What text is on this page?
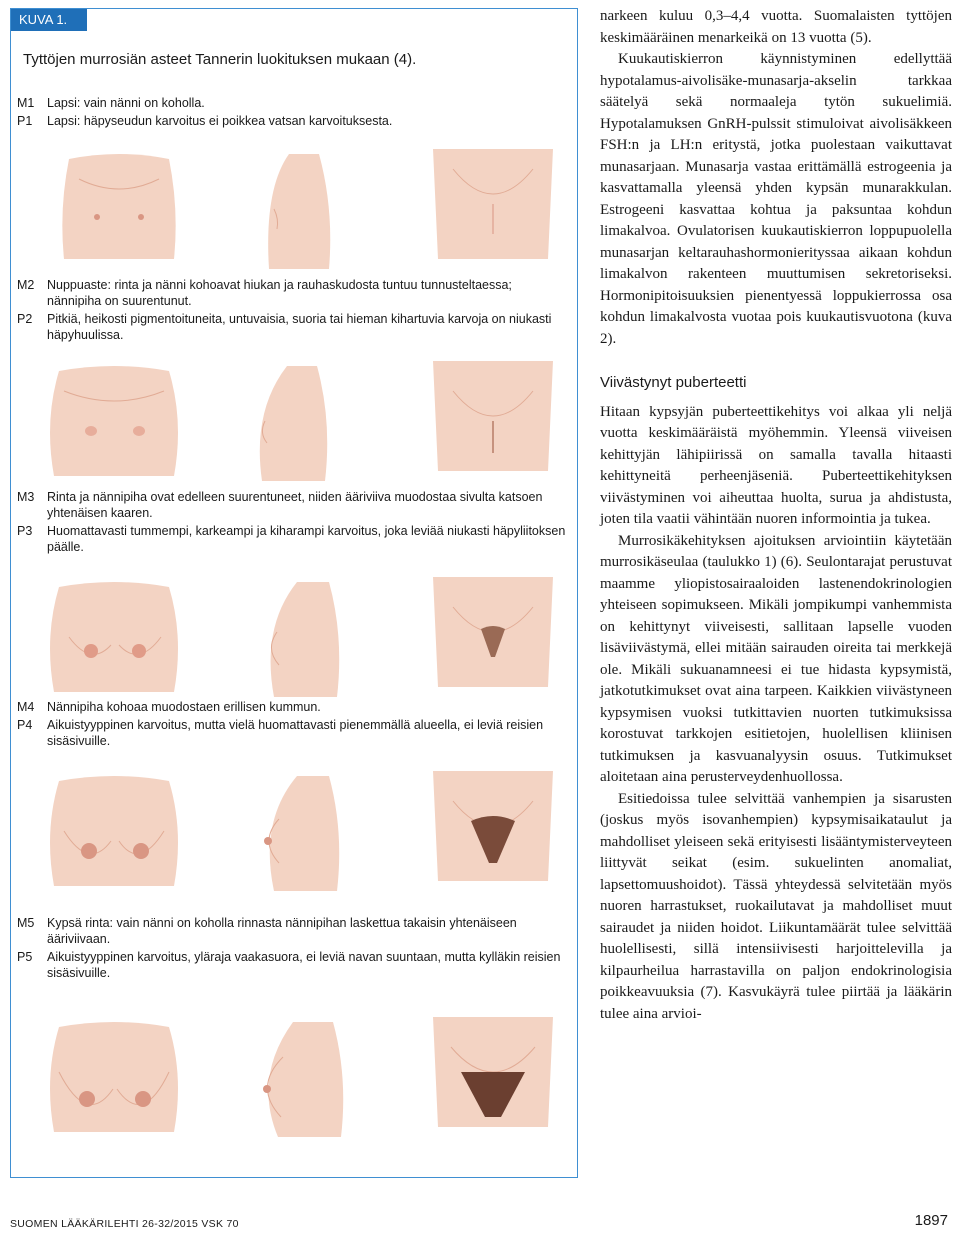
KUVA 1.
Tyttöjen murrosiän asteet Tannerin luokituksen mukaan (4).
M1	Lapsi: vain nänni on koholla.
P1	Lapsi: häpyseudun karvoitus ei poikkea vatsan karvoituksesta.
M2	Nuppuaste: rinta ja nänni kohoavat hiukan ja rauhaskudosta tuntuu tunnusteltaessa; nännipiha on suurentunut.
P2	Pitkiä, heikosti pigmentoituneita, untuvaisia, suoria tai hieman kihartuvia karvoja on niukasti häpyhuulissa.
M3	Rinta ja nännipiha ovat edelleen suurentuneet, niiden ääriviiva muodostaa sivulta katsoen yhtenäisen kaaren.
P3	Huomattavasti tummempi, karkeampi ja kiharampi karvoitus, joka leviää niukasti häpyliitoksen päälle.
M4	Nännipiha kohoaa muodostaen erillisen kummun.
P4	Aikuistyyppinen karvoitus, mutta vielä huomattavasti pienemmällä alueella, ei leviä reisien sisäsivuille.
M5	Kypsä rinta: vain nänni on koholla rinnasta nännipihan laskettua takaisin yhtenäiseen ääriviivaan.
P5	Aikuistyyppinen karvoitus, yläraja vaakasuora, ei leviä navan suuntaan, mutta kylläkin reisien sisäsivuille.

narkeen kuluu 0,3–4,4 vuotta. Suomalaisten tyttöjen keskimääräinen menarkeikä on 13 vuotta (5).

Kuukautiskierron käynnistyminen edellyttää hypotalamus-aivolisäke-munasarja-akselin tarkkaa säätelyä sekä normaaleja tytön sukuelimiä. Hypotalamuksen GnRH-pulssit stimuloivat aivolisäkkeen FSH:n ja LH:n eritystä, jotka puolestaan vaikuttavat munasarjaan. Munasarja vastaa erittämällä estrogeenia ja kasvattamalla yleensä yhden kypsän munarakkulan. Estrogeeni kasvattaa kohtua ja paksuntaa kohdun limakalvoa. Ovulatorisen kuukautiskierron loppupuolella munasarjan keltarauhashormonierityssaa aikaan kohdun limakalvon rakenteen muuttumisen sekretoriseksi. Hormonipitoisuuksien pienentyessä loppukierrossa osa kohdun limakalvosta vuotaa pois kuukautisvuotona (kuva 2).

Viivästynyt puberteetti

Hitaan kypsyjän puberteettikehitys voi alkaa yli neljä vuotta keskimääräistä myöhemmin. Yleensä viiveisen kehittyjän lähipiirissä on samalla tavalla hitaasti kehittyneitä perheenjäseniä. Puberteettikehityksen viivästyminen voi aiheuttaa huolta, surua ja ahdistusta, joten tila vaatii vähintään nuoren informointia ja tukea.

Murrosikäkehityksen ajoituksen arviointiin käytetään murrosikäseulaa (taulukko 1) (6). Seulontarajat perustuvat maamme yliopistosairaaloiden lastenendokrinologien yhteiseen sopimukseen. Mikäli jompikumpi vanhemmista on kehittynyt viiveisesti, sallitaan lapselle vuoden lisäviivästymä, ellei mitään sairauden oireita tai merkkejä ole. Mikäli sukuanamneesi ei tue hidasta kypsymistä, jatkotutkimukset ovat aina tarpeen. Kaikkien viivästyneen kypsymisen vuoksi tutkittavien nuorten tutkimuksissa korostuvat tarkkojen esitietojen, huolellisen kliinisen tutkimuksen ja kasvuanalyysin osuus. Tutkimukset aloitetaan aina perusterveydenhuollossa.

Esitiedoissa tulee selvittää vanhempien ja sisarusten (joskus myös isovanhempien) kypsymisaikataulut ja mahdolliset yleiseen sekä erityisesti lisääntymisterveyteen liittyvät seikat (esim. sukuelinten anomaliat, lapsettomuushoidot). Tässä yhteydessä selvitetään myös nuoren harrastukset, ruokailutavat ja mahdolliset muut sairaudet ja niiden hoidot. Liikuntamäärät tulee selvittää huolellisesti, sillä intensiivisesti harjoittelevilla ja kilpaurheilua harrastavilla on paljon endokrinologisia poikkeavuuksia (7). Kasvukäyrä tulee piirtää ja lääkärin tulee aina arvioi-

SUOMEN LÄÄKÄRILEHTI 26-32/2015 VSK 70	1897
